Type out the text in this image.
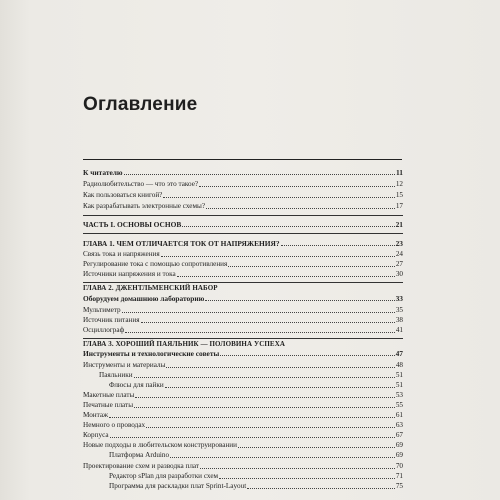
Оглавление
К читателю	11
Радиолюбительство — что это такое?	12
Как пользоваться книгой?	15
Как разрабатывать электронные схемы?	17
ЧАСТЬ I. ОСНОВЫ ОСНОВ	21
ГЛАВА 1. ЧЕМ ОТЛИЧАЕТСЯ ТОК ОТ НАПРЯЖЕНИЯ?	23
Связь тока и напряжения	24
Регулирование тока с помощью сопротивления	27
Источники напряжения и тока	30
ГЛАВА 2. ДЖЕНТЛЬМЕНСКИЙ НАБОР
Оборудуем домашнюю лабораторию	33
Мультиметр	35
Источник питания	38
Осциллограф	41
ГЛАВА 3. ХОРОШИЙ ПАЯЛЬНИК — ПОЛОВИНА УСПЕХА
Инструменты и технологические советы	47
Инструменты и материалы	48
Паяльники	51
Флюсы для пайки	51
Макетные платы	53
Печатные платы	55
Монтаж	61
Немного о проводах	63
Корпуса	67
Новые подходы в любительском конструировании	69
Платформа Arduino	69
Проектирование схем и разводка плат	70
Редактор sPlan для разработки схем	71
Программа для раскладки плат Sprint-Layout	75
